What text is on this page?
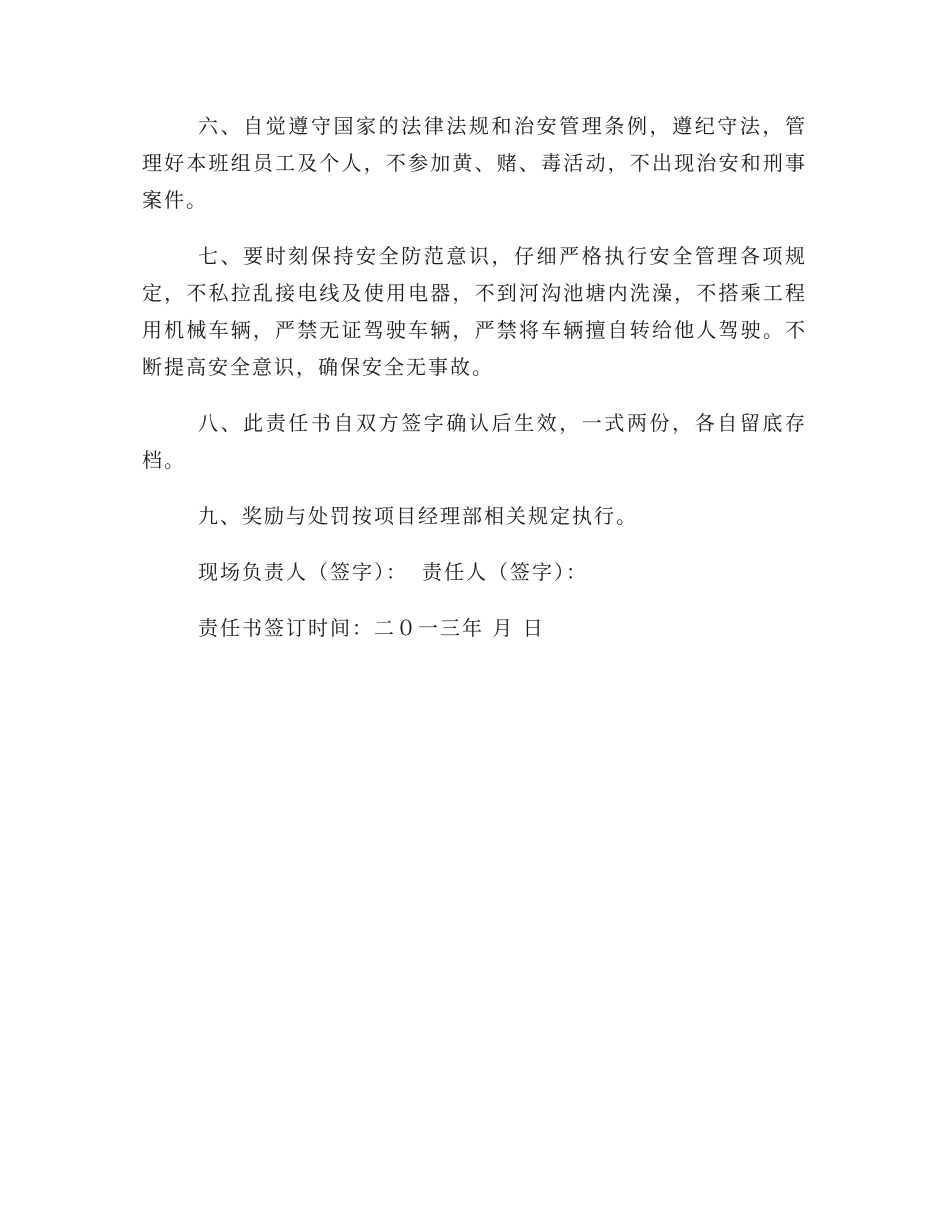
六、自觉遵守国家的法律法规和治安管理条例，遵纪守法，管理好本班组员工及个人，不参加黄、赌、毒活动，不出现治安和刑事案件。

七、要时刻保持安全防范意识，仔细严格执行安全管理各项规定，不私拉乱接电线及使用电器，不到河沟池塘内洗澡，不搭乘工程用机械车辆，严禁无证驾驶车辆，严禁将车辆擅自转给他人驾驶。不断提高安全意识，确保安全无事故。

八、此责任书自双方签字确认后生效，一式两份，各自留底存档。

九、奖励与处罚按项目经理部相关规定执行。

现场负责人（签字）： 责任人（签字）：

责任书签订时间：二０一三年 月 日
